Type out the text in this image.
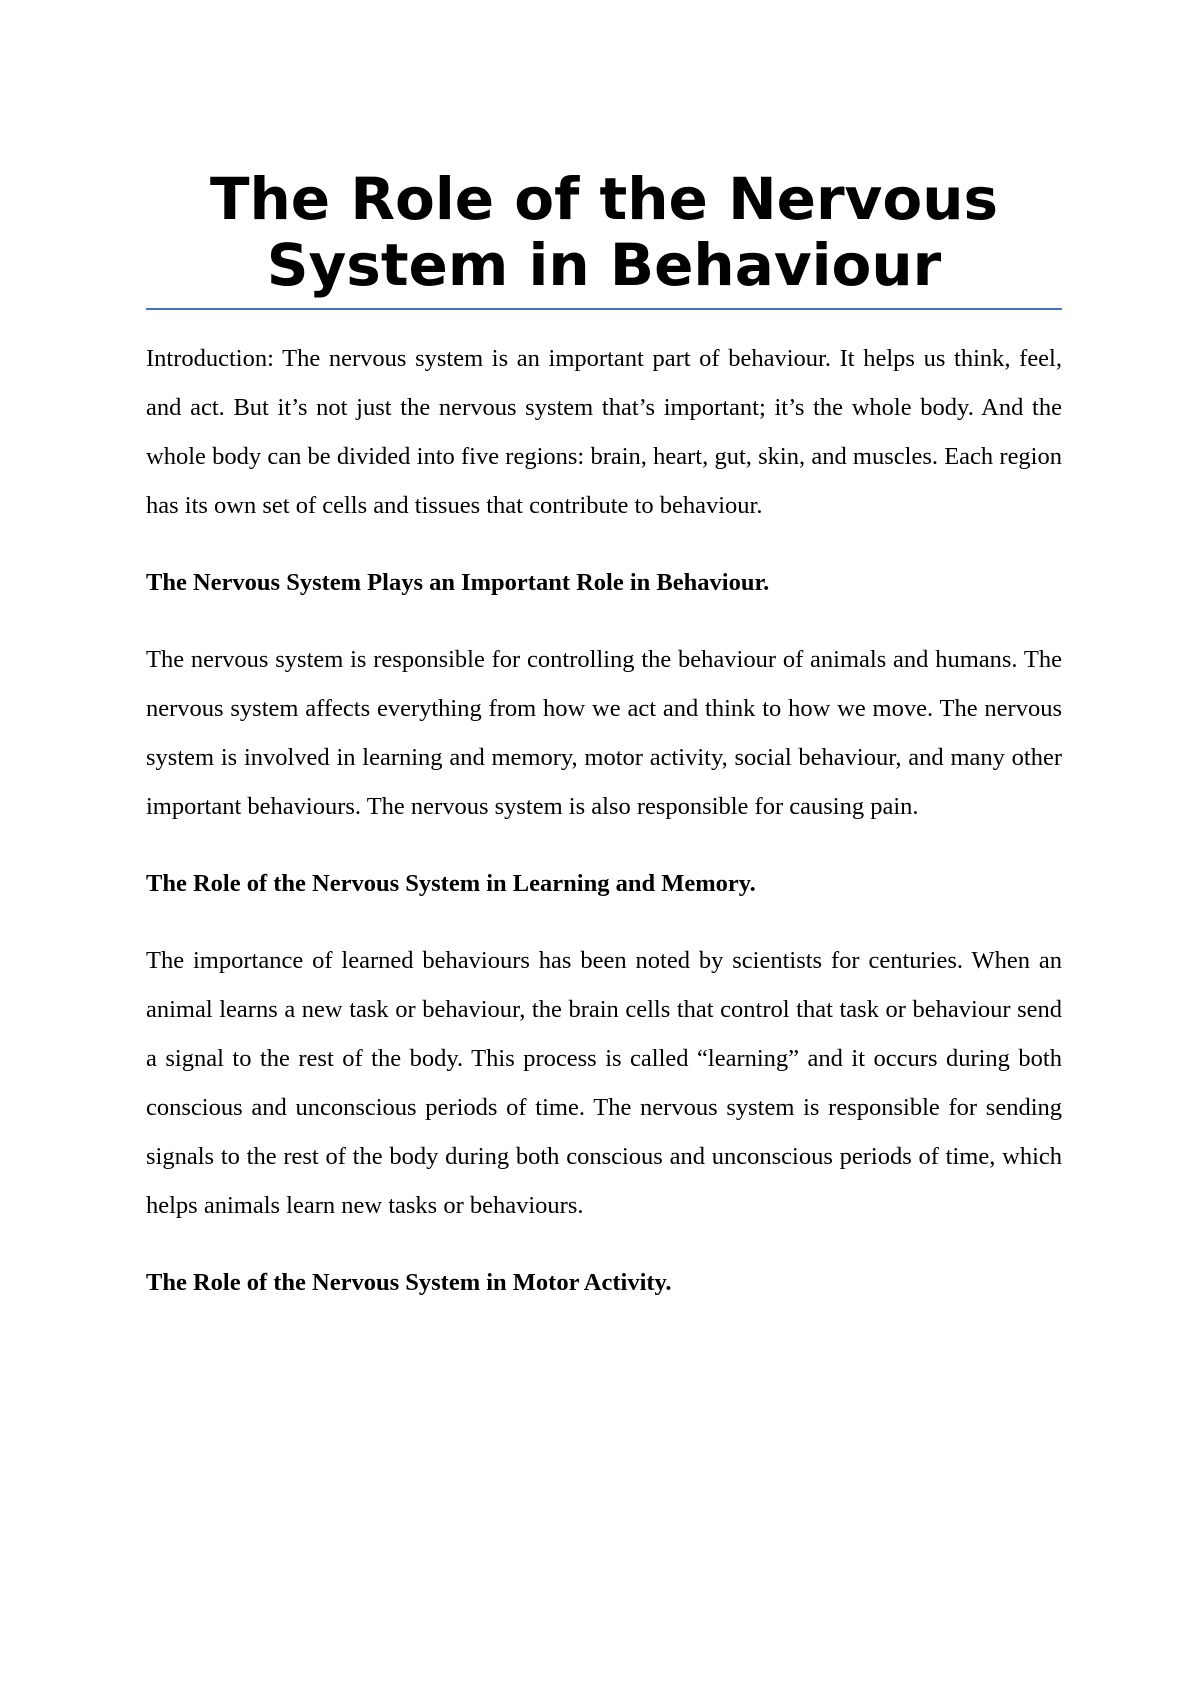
The Role of the Nervous System in Behaviour

Introduction: The nervous system is an important part of behaviour. It helps us think, feel, and act. But it’s not just the nervous system that’s important; it’s the whole body. And the whole body can be divided into five regions: brain, heart, gut, skin, and muscles. Each region has its own set of cells and tissues that contribute to behaviour.

The Nervous System Plays an Important Role in Behaviour.

The nervous system is responsible for controlling the behaviour of animals and humans. The nervous system affects everything from how we act and think to how we move. The nervous system is involved in learning and memory, motor activity, social behaviour, and many other important behaviours. The nervous system is also responsible for causing pain.

The Role of the Nervous System in Learning and Memory.

The importance of learned behaviours has been noted by scientists for centuries. When an animal learns a new task or behaviour, the brain cells that control that task or behaviour send a signal to the rest of the body. This process is called “learning” and it occurs during both conscious and unconscious periods of time. The nervous system is responsible for sending signals to the rest of the body during both conscious and unconscious periods of time, which helps animals learn new tasks or behaviours.

The Role of the Nervous System in Motor Activity.
